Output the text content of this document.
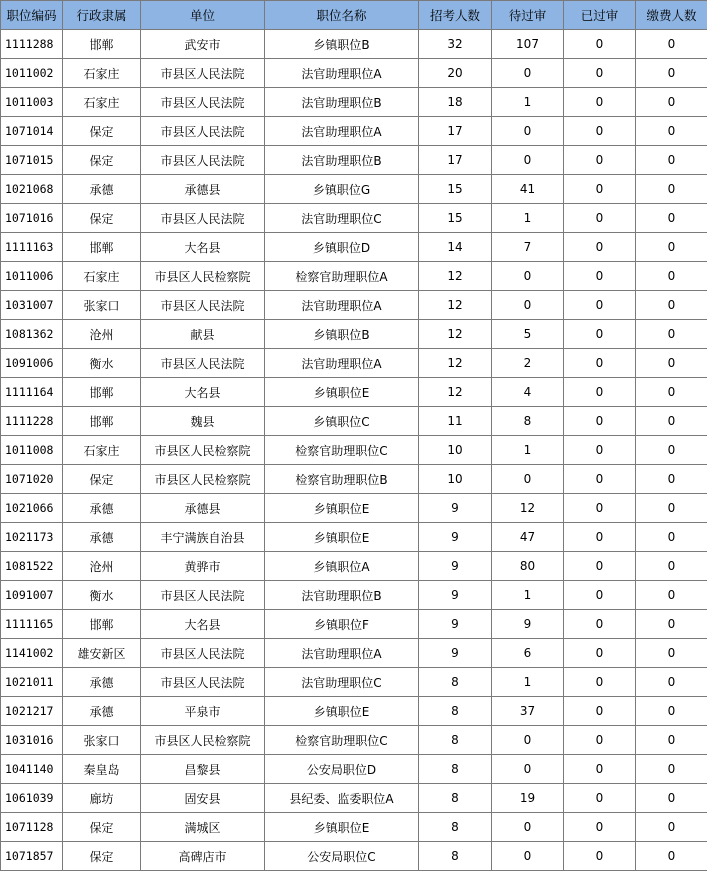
职位编码	行政隶属	单位	职位名称	招考人数	待过审	已过审	缴费人数
1111288	邯郸	武安市	乡镇职位B	32	107	0	0
1011002	石家庄	市县区人民法院	法官助理职位A	20	0	0	0
1011003	石家庄	市县区人民法院	法官助理职位B	18	1	0	0
1071014	保定	市县区人民法院	法官助理职位A	17	0	0	0
1071015	保定	市县区人民法院	法官助理职位B	17	0	0	0
1021068	承德	承德县	乡镇职位G	15	41	0	0
1071016	保定	市县区人民法院	法官助理职位C	15	1	0	0
1111163	邯郸	大名县	乡镇职位D	14	7	0	0
1011006	石家庄	市县区人民检察院	检察官助理职位A	12	0	0	0
1031007	张家口	市县区人民法院	法官助理职位A	12	0	0	0
1081362	沧州	献县	乡镇职位B	12	5	0	0
1091006	衡水	市县区人民法院	法官助理职位A	12	2	0	0
1111164	邯郸	大名县	乡镇职位E	12	4	0	0
1111228	邯郸	魏县	乡镇职位C	11	8	0	0
1011008	石家庄	市县区人民检察院	检察官助理职位C	10	1	0	0
1071020	保定	市县区人民检察院	检察官助理职位B	10	0	0	0
1021066	承德	承德县	乡镇职位E	9	12	0	0
1021173	承德	丰宁满族自治县	乡镇职位E	9	47	0	0
1081522	沧州	黄骅市	乡镇职位A	9	80	0	0
1091007	衡水	市县区人民法院	法官助理职位B	9	1	0	0
1111165	邯郸	大名县	乡镇职位F	9	9	0	0
1141002	雄安新区	市县区人民法院	法官助理职位A	9	6	0	0
1021011	承德	市县区人民法院	法官助理职位C	8	1	0	0
1021217	承德	平泉市	乡镇职位E	8	37	0	0
1031016	张家口	市县区人民检察院	检察官助理职位C	8	0	0	0
1041140	秦皇岛	昌黎县	公安局职位D	8	0	0	0
1061039	廊坊	固安县	县纪委、监委职位A	8	19	0	0
1071128	保定	满城区	乡镇职位E	8	0	0	0
1071857	保定	高碑店市	公安局职位C	8	0	0	0
